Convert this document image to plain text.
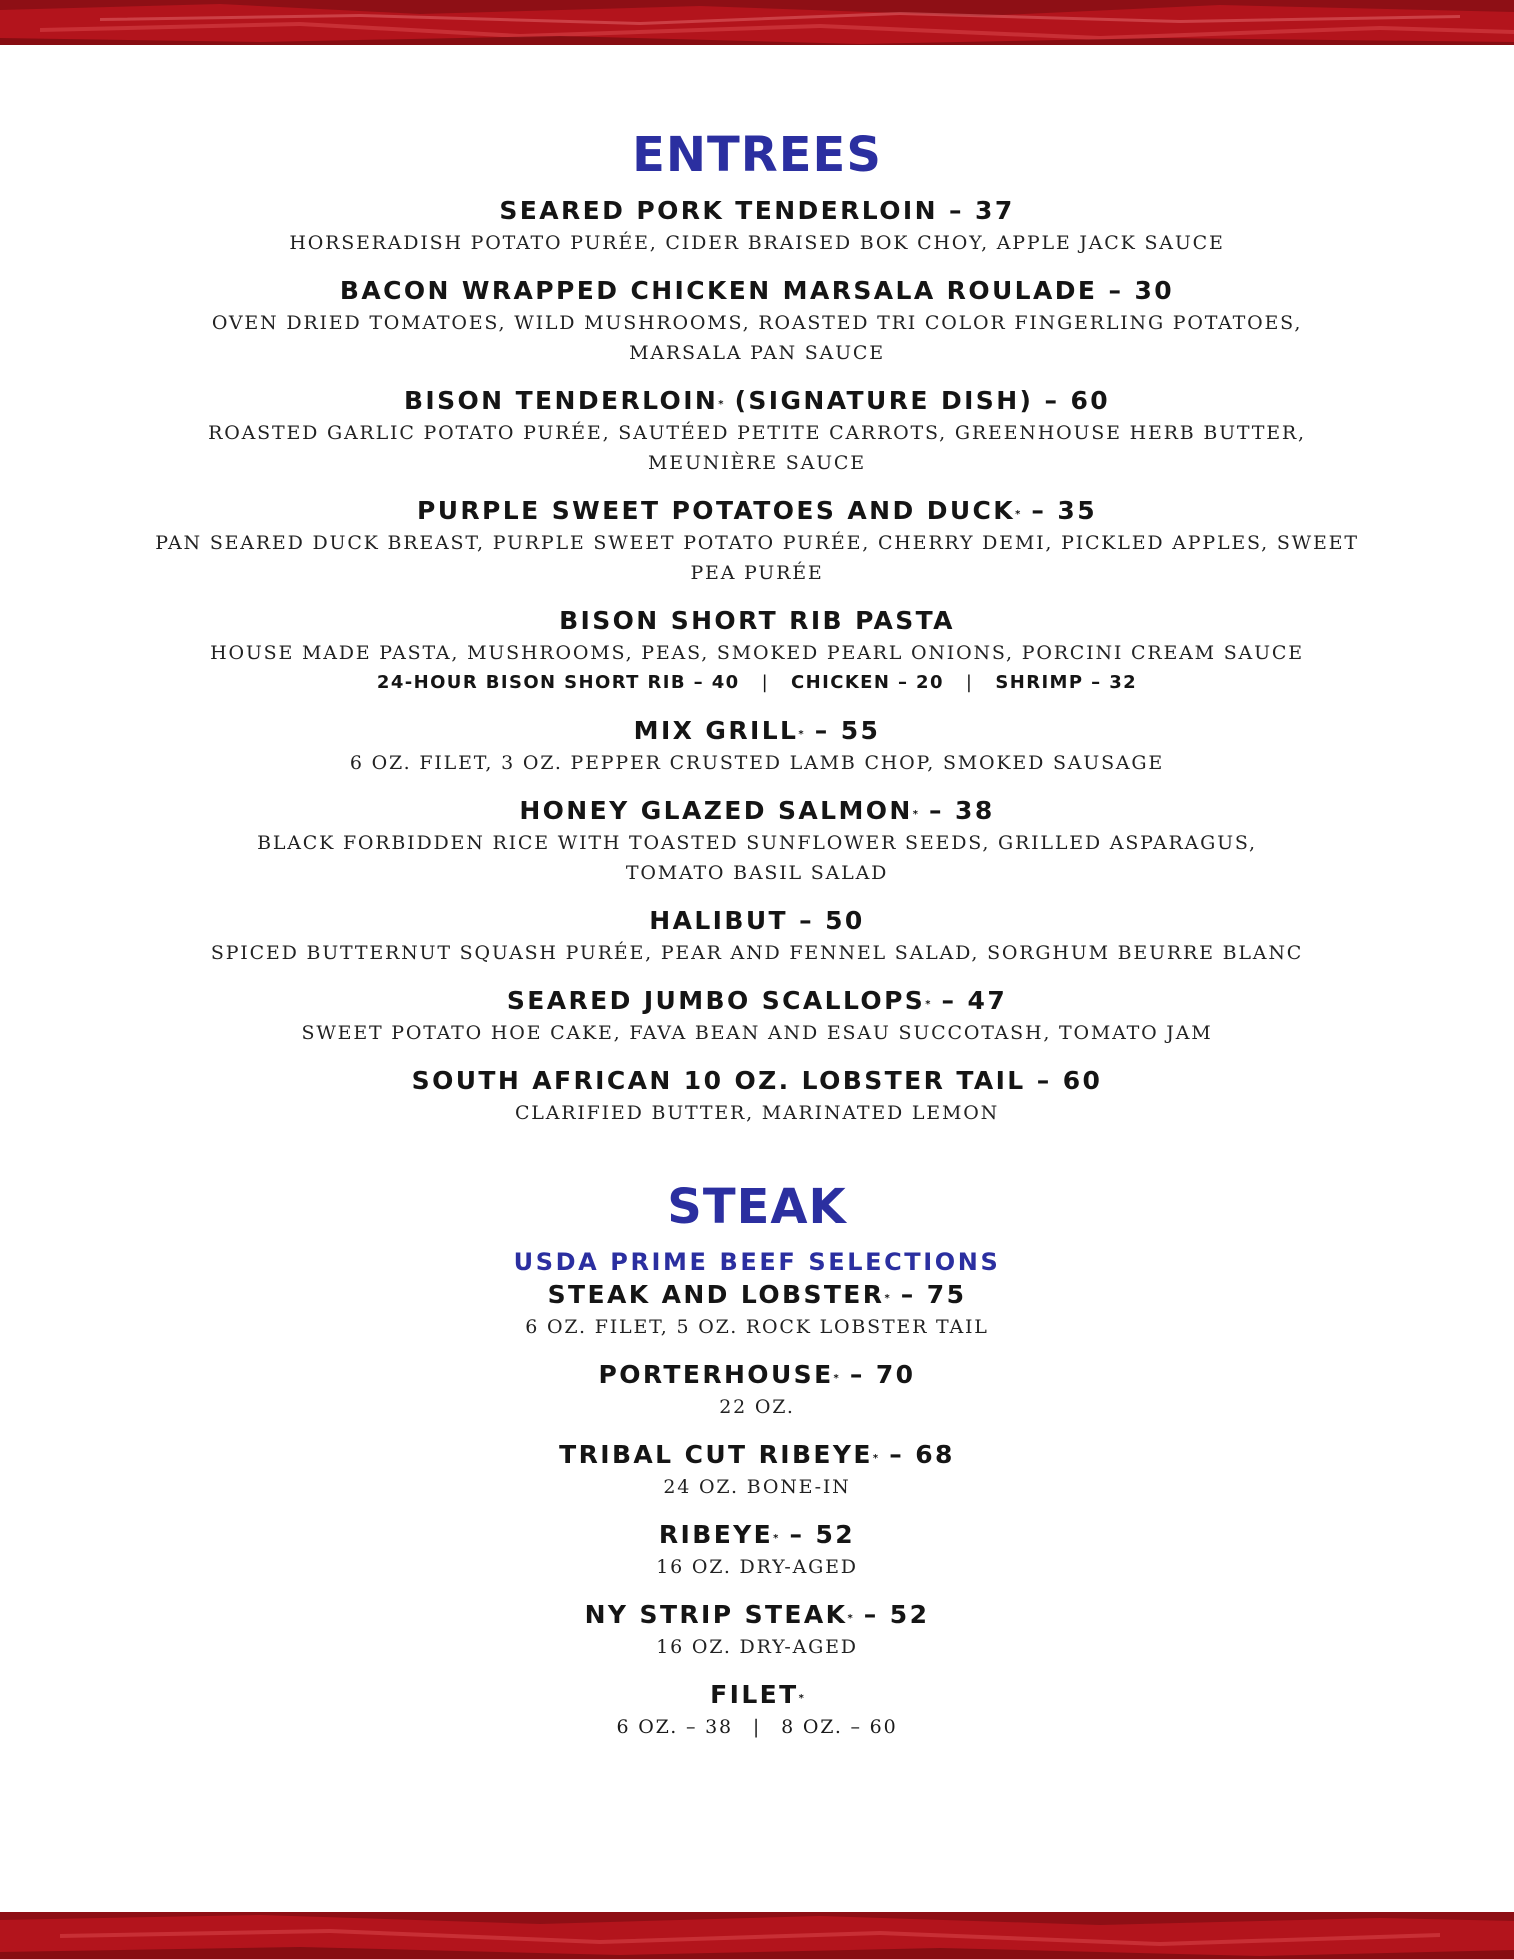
ENTREES
SEARED PORK TENDERLOIN – 37
HORSERADISH POTATO PURÉE, CIDER BRAISED BOK CHOY, APPLE JACK SAUCE
BACON WRAPPED CHICKEN MARSALA ROULADE – 30
OVEN DRIED TOMATOES, WILD MUSHROOMS, ROASTED TRI COLOR FINGERLING POTATOES, MARSALA PAN SAUCE
BISON TENDERLOIN* (SIGNATURE DISH) – 60
ROASTED GARLIC POTATO PURÉE, SAUTÉED PETITE CARROTS, GREENHOUSE HERB BUTTER, MEUNIÈRE SAUCE
PURPLE SWEET POTATOES AND DUCK* – 35
PAN SEARED DUCK BREAST, PURPLE SWEET POTATO PURÉE, CHERRY DEMI, PICKLED APPLES, SWEET PEA PURÉE
BISON SHORT RIB PASTA
HOUSE MADE PASTA, MUSHROOMS, PEAS, SMOKED PEARL ONIONS, PORCINI CREAM SAUCE
24-HOUR BISON SHORT RIB – 40 | CHICKEN – 20 | SHRIMP – 32
MIX GRILL* – 55
6 OZ. FILET, 3 OZ. PEPPER CRUSTED LAMB CHOP, SMOKED SAUSAGE
HONEY GLAZED SALMON* – 38
BLACK FORBIDDEN RICE WITH TOASTED SUNFLOWER SEEDS, GRILLED ASPARAGUS, TOMATO BASIL SALAD
HALIBUT – 50
SPICED BUTTERNUT SQUASH PURÉE, PEAR AND FENNEL SALAD, SORGHUM BEURRE BLANC
SEARED JUMBO SCALLOPS* – 47
SWEET POTATO HOE CAKE, FAVA BEAN AND ESAU SUCCOTASH, TOMATO JAM
SOUTH AFRICAN 10 OZ. LOBSTER TAIL – 60
CLARIFIED BUTTER, MARINATED LEMON
STEAK
USDA PRIME BEEF SELECTIONS
STEAK AND LOBSTER* – 75
6 OZ. FILET, 5 OZ. ROCK LOBSTER TAIL
PORTERHOUSE* – 70
22 OZ.
TRIBAL CUT RIBEYE* – 68
24 OZ. BONE-IN
RIBEYE* – 52
16 OZ. DRY-AGED
NY STRIP STEAK* – 52
16 OZ. DRY-AGED
FILET*
6 OZ. – 38 | 8 OZ. – 60
